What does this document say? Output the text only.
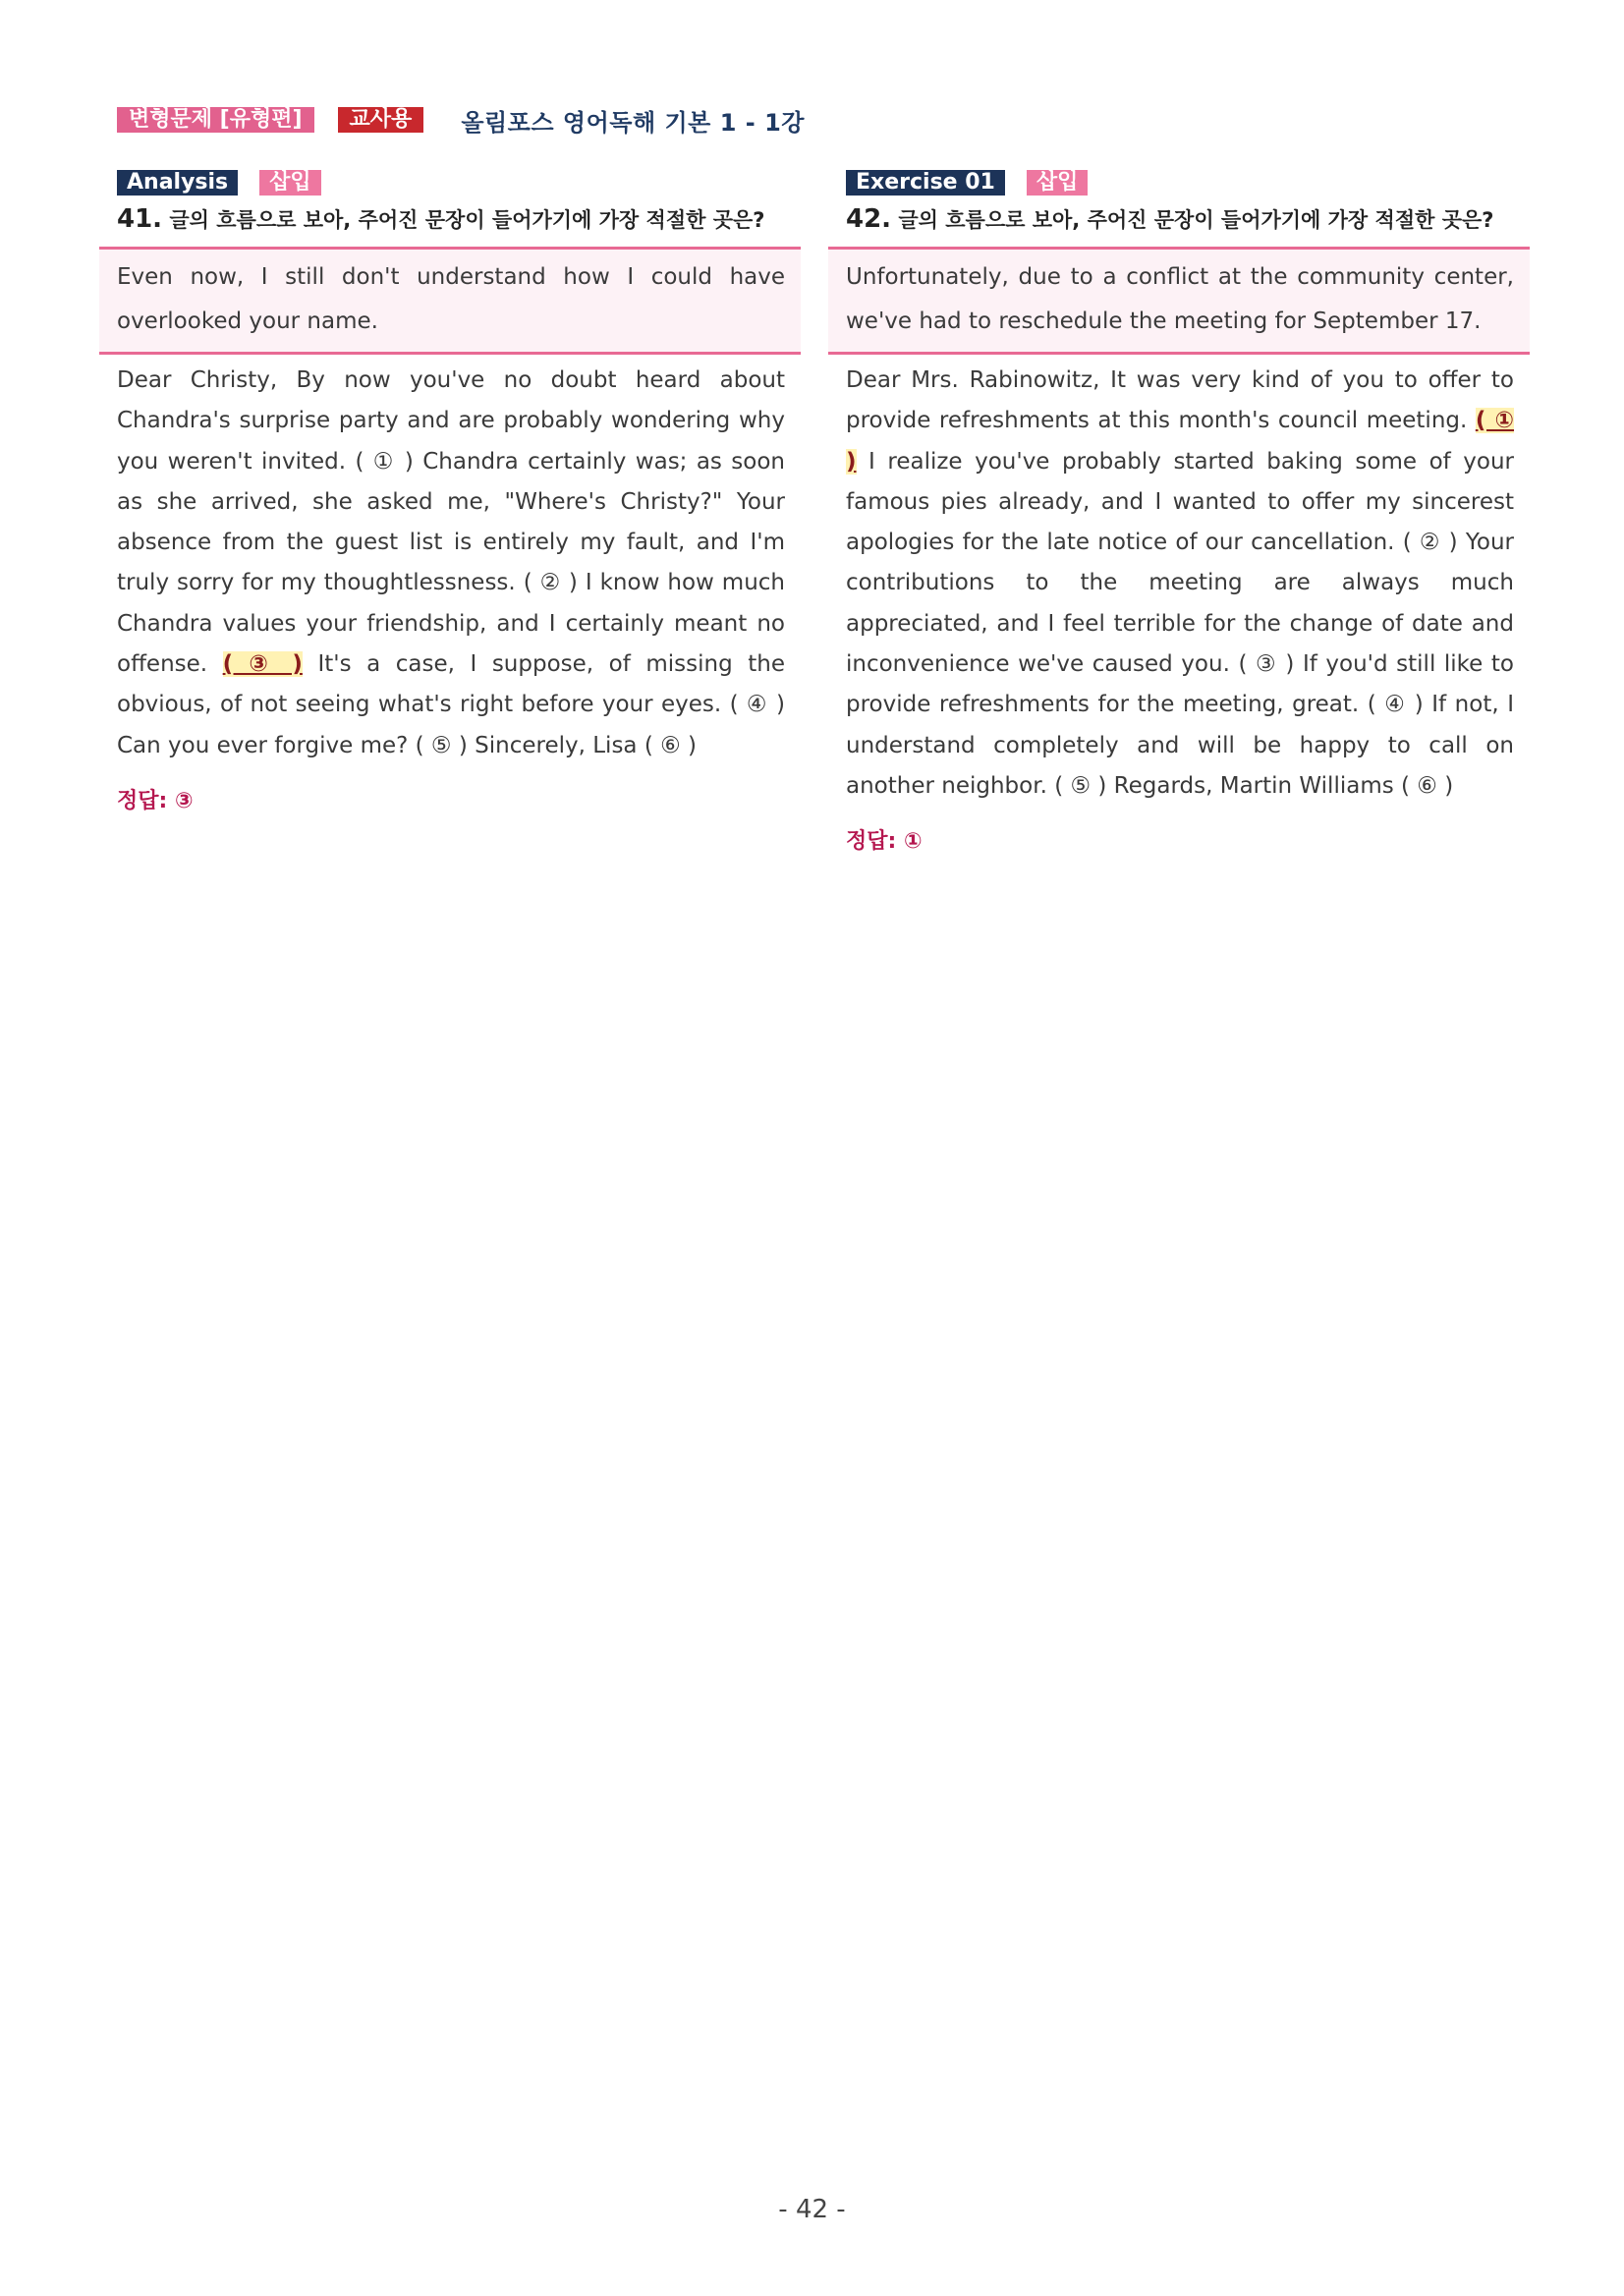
변형문제 [유형편]	교사용	올림포스 영어독해 기본 1 - 1강
Analysis	삽입
41. 글의 흐름으로 보아, 주어진 문장이 들어가기에 가장 적절한 곳은?
Even now, I still don't understand how I could have overlooked your name.
Dear Christy, By now you've no doubt heard about Chandra's surprise party and are probably wondering why you weren't invited. ( ① ) Chandra certainly was; as soon as she arrived, she asked me, "Where's Christy?" Your absence from the guest list is entirely my fault, and I'm truly sorry for my thoughtlessness. ( ② ) I know how much Chandra values your friendship, and I certainly meant no offense. ( ③ ) It's a case, I suppose, of missing the obvious, of not seeing what's right before your eyes. ( ④ ) Can you ever forgive me? ( ⑤ ) Sincerely, Lisa ( ⑥ )
정답: ③
Exercise 01	삽입
42. 글의 흐름으로 보아, 주어진 문장이 들어가기에 가장 적절한 곳은?
Unfortunately, due to a conflict at the community center, we've had to reschedule the meeting for September 17.
Dear Mrs. Rabinowitz, It was very kind of you to offer to provide refreshments at this month's council meeting. ( ① ) I realize you've probably started baking some of your famous pies already, and I wanted to offer my sincerest apologies for the late notice of our cancellation. ( ② ) Your contributions to the meeting are always much appreciated, and I feel terrible for the change of date and inconvenience we've caused you. ( ③ ) If you'd still like to provide refreshments for the meeting, great. ( ④ ) If not, I understand completely and will be happy to call on another neighbor. ( ⑤ ) Regards, Martin Williams ( ⑥ )
정답: ①
- 42 -
